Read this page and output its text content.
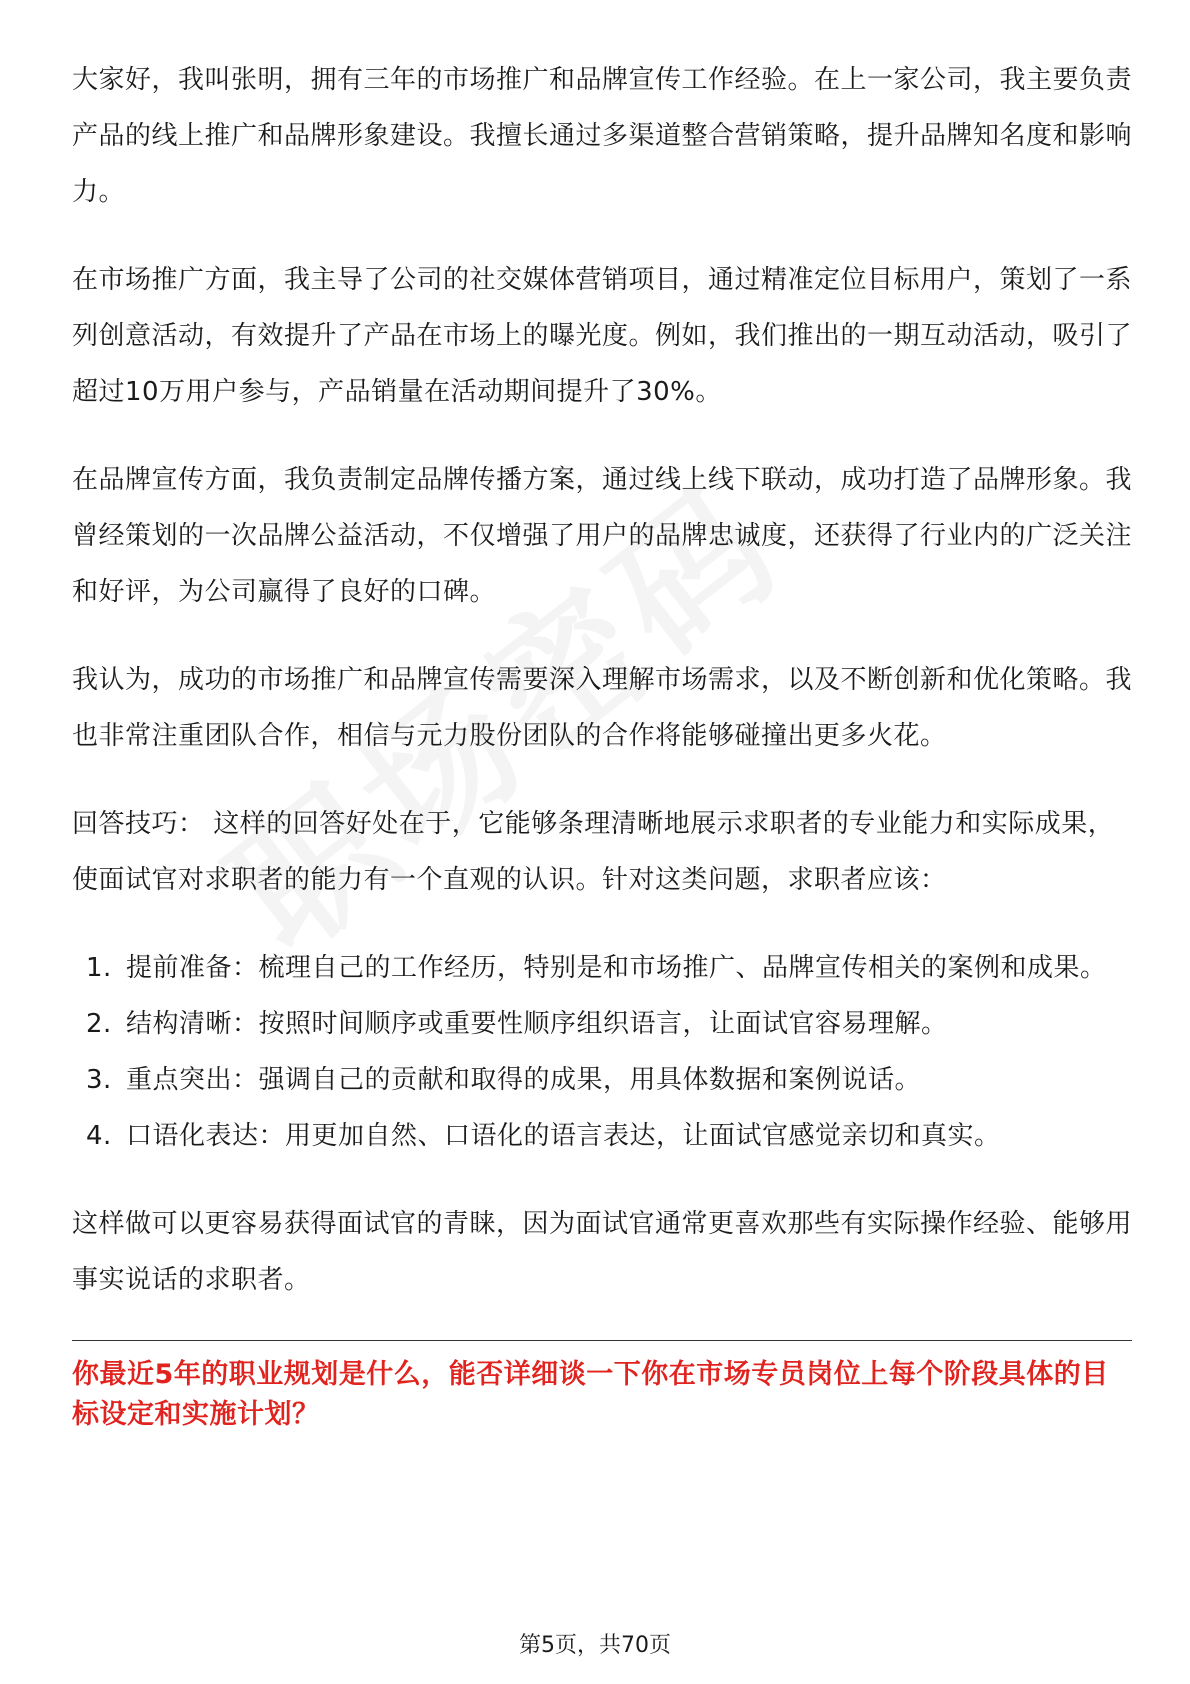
大家好，我叫张明，拥有三年的市场推广和品牌宣传工作经验。在上一家公司，我主要负责产品的线上推广和品牌形象建设。我擅长通过多渠道整合营销策略，提升品牌知名度和影响力。

在市场推广方面，我主导了公司的社交媒体营销项目，通过精准定位目标用户，策划了一系列创意活动，有效提升了产品在市场上的曝光度。例如，我们推出的一期互动活动，吸引了超过10万用户参与，产品销量在活动期间提升了30%。

在品牌宣传方面，我负责制定品牌传播方案，通过线上线下联动，成功打造了品牌形象。我曾经策划的一次品牌公益活动，不仅增强了用户的品牌忠诚度，还获得了行业内的广泛关注和好评，为公司赢得了良好的口碑。

我认为，成功的市场推广和品牌宣传需要深入理解市场需求，以及不断创新和优化策略。我也非常注重团队合作，相信与元力股份团队的合作将能够碰撞出更多火花。

回答技巧： 这样的回答好处在于，它能够条理清晰地展示求职者的专业能力和实际成果，使面试官对求职者的能力有一个直观的认识。针对这类问题，求职者应该：

1. 提前准备：梳理自己的工作经历，特别是和市场推广、品牌宣传相关的案例和成果。
2. 结构清晰：按照时间顺序或重要性顺序组织语言，让面试官容易理解。
3. 重点突出：强调自己的贡献和取得的成果，用具体数据和案例说话。
4. 口语化表达：用更加自然、口语化的语言表达，让面试官感觉亲切和真实。

这样做可以更容易获得面试官的青睐，因为面试官通常更喜欢那些有实际操作经验、能够用事实说话的求职者。

你最近5年的职业规划是什么，能否详细谈一下你在市场专员岗位上每个阶段具体的目标设定和实施计划？

第5页，共70页
